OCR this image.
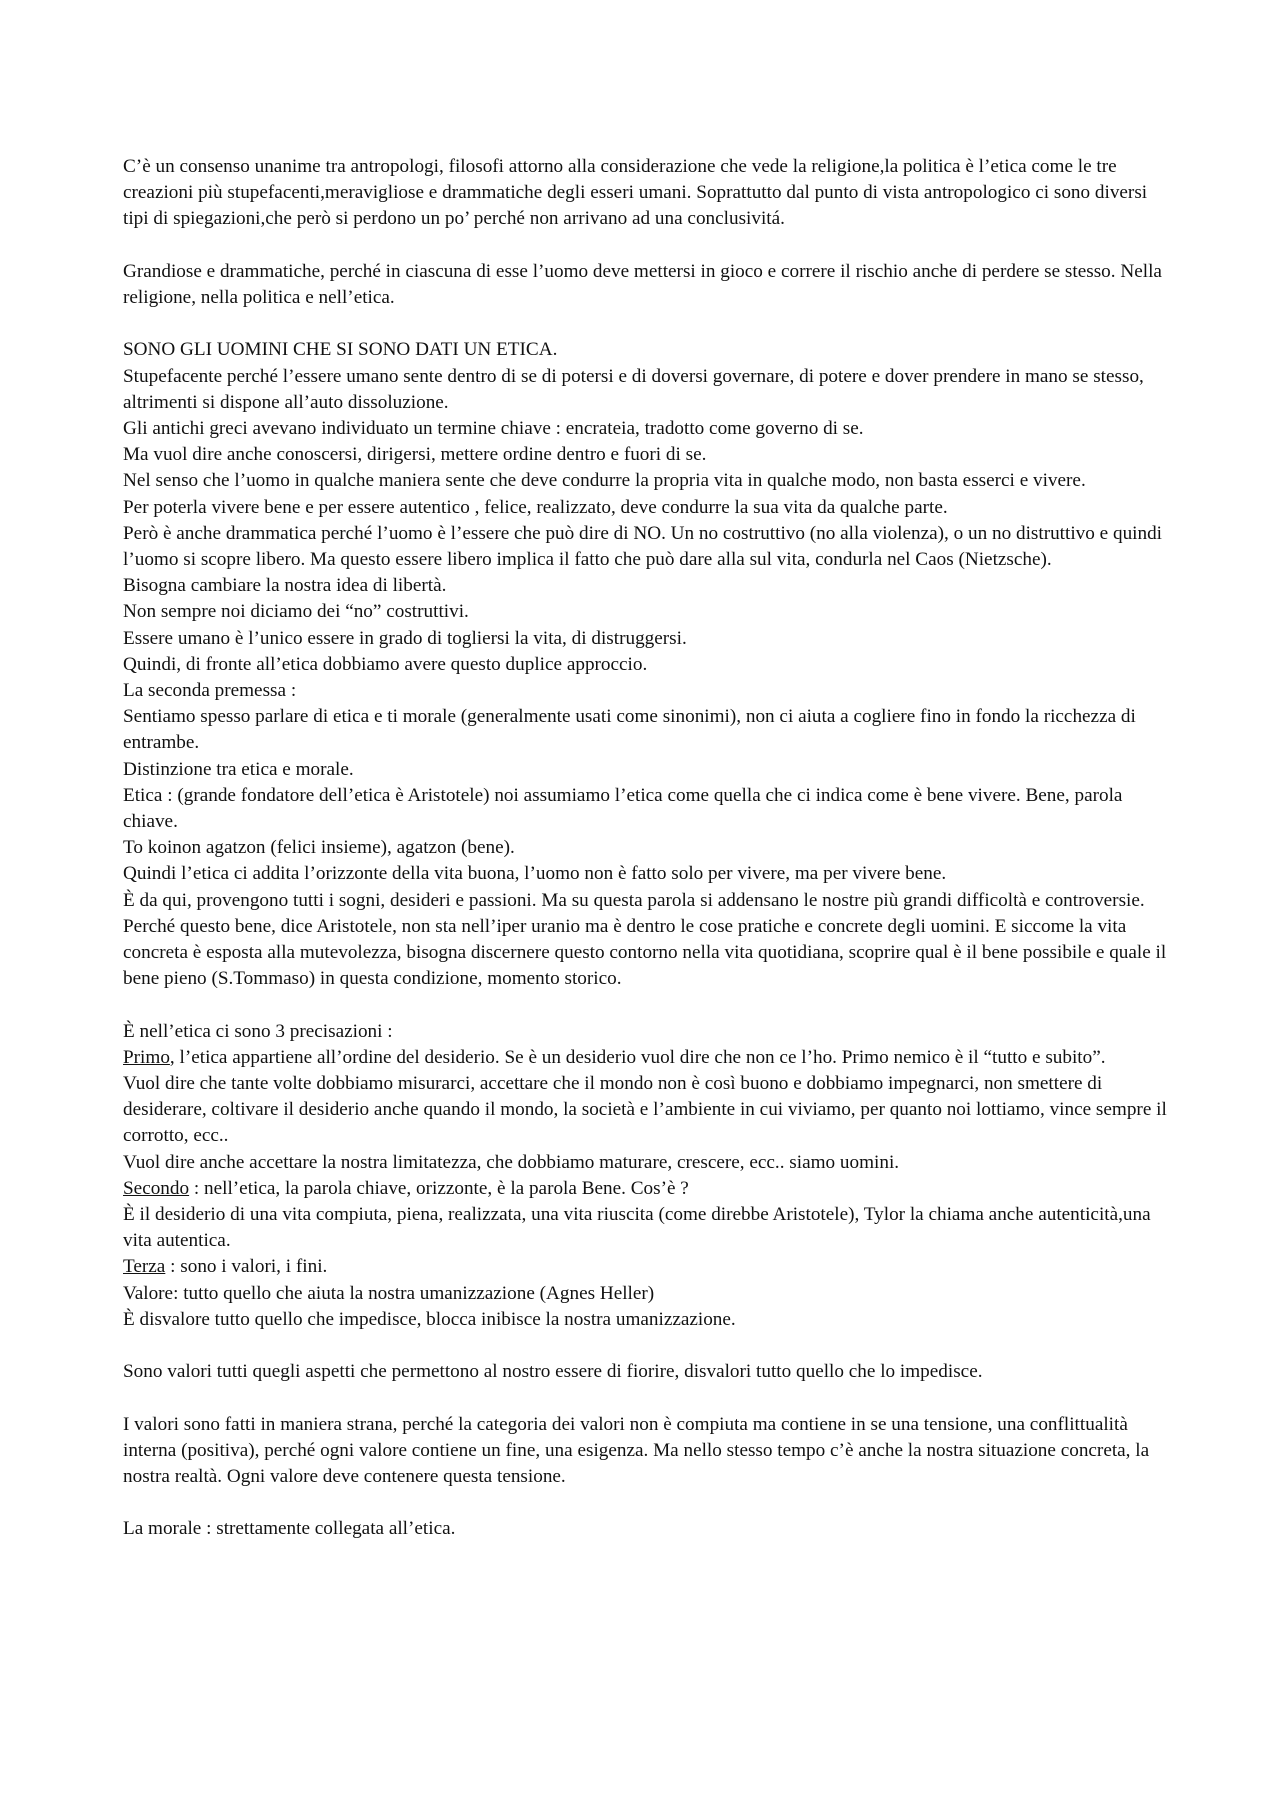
C’è un consenso unanime tra antropologi, filosofi attorno alla considerazione che vede la religione,la politica è l’etica come le tre creazioni più stupefacenti,meravigliose e drammatiche degli esseri umani. Soprattutto dal punto di vista antropologico ci sono diversi tipi di spiegazioni,che però si perdono un po’ perché non arrivano ad una conclusivitá.

Grandiose e drammatiche, perché in ciascuna di esse l’uomo deve mettersi in gioco e correre il rischio anche di perdere se stesso. Nella religione, nella politica e nell’etica.

SONO GLI UOMINI CHE SI SONO DATI UN ETICA.

Stupefacente perché l’essere umano sente dentro di se di potersi e di doversi governare, di potere e dover prendere in mano se stesso, altrimenti si dispone all’auto dissoluzione.

Gli antichi greci avevano individuato un termine chiave : encrateia, tradotto come governo di se.

Ma vuol dire anche conoscersi, dirigersi, mettere ordine dentro e fuori di se.

Nel senso che l’uomo in qualche maniera sente che deve condurre la propria vita in qualche modo, non basta esserci e vivere.

Per poterla vivere bene e per essere autentico , felice, realizzato, deve condurre la sua vita da qualche parte.

Però è anche drammatica perché l’uomo è l’essere che può dire di NO. Un no costruttivo (no alla violenza), o un no distruttivo e quindi l’uomo si scopre libero. Ma questo essere libero implica il fatto che può dare alla sul vita, condurla nel Caos (Nietzsche).

Bisogna cambiare la nostra idea di libertà.

Non sempre noi diciamo dei “no” costruttivi.

Essere umano è l’unico essere in grado di togliersi la vita, di distruggersi.

Quindi, di fronte all’etica dobbiamo avere questo duplice approccio.

La seconda premessa :

Sentiamo spesso parlare di etica e ti morale (generalmente usati come sinonimi), non ci aiuta a cogliere fino in fondo la ricchezza di entrambe.

Distinzione tra etica e morale.

Etica : (grande fondatore dell’etica è Aristotele) noi assumiamo l’etica come quella che ci indica come è bene vivere. Bene, parola chiave.

To koinon agatzon (felici insieme), agatzon (bene).

Quindi l’etica ci addita l’orizzonte della vita buona, l’uomo non è fatto solo per vivere, ma per vivere bene.

È da qui, provengono tutti i sogni, desideri e passioni. Ma su questa parola si addensano le nostre più grandi difficoltà e controversie. Perché questo bene, dice Aristotele, non sta nell’iper uranio ma è dentro le cose pratiche e concrete degli uomini. E siccome la vita concreta è esposta alla mutevolezza, bisogna discernere questo contorno nella vita quotidiana, scoprire qual è il bene possibile e quale il bene pieno (S.Tommaso) in questa condizione, momento storico.

È nell’etica ci sono 3 precisazioni :

Primo, l’etica appartiene all’ordine del desiderio. Se è un desiderio vuol dire che non ce l’ho. Primo nemico è il “tutto e subito”.

Vuol dire che tante volte dobbiamo misurarci, accettare che il mondo non è così buono e dobbiamo impegnarci, non smettere di desiderare, coltivare il desiderio anche quando il mondo, la società e l’ambiente in cui viviamo, per quanto noi lottiamo, vince sempre il corrotto, ecc..

Vuol dire anche accettare la nostra limitatezza, che dobbiamo maturare, crescere, ecc.. siamo uomini.

Secondo : nell’etica, la parola chiave, orizzonte, è la parola Bene. Cos’è ?

È il desiderio di una vita compiuta, piena, realizzata, una vita riuscita (come direbbe Aristotele), Tylor la chiama anche autenticità,una vita autentica.

Terza : sono i valori, i fini.

Valore: tutto quello che aiuta la nostra umanizzazione (Agnes Heller)

È disvalore tutto quello che impedisce, blocca inibisce la nostra umanizzazione.

Sono valori tutti quegli aspetti che permettono al nostro essere di fiorire, disvalori tutto quello che lo impedisce.

I valori sono fatti in maniera strana, perché la categoria dei valori non è compiuta ma contiene in se una tensione, una conflittualità interna (positiva), perché ogni valore contiene un fine, una esigenza. Ma nello stesso tempo c’è anche la nostra situazione concreta, la nostra realtà. Ogni valore deve contenere questa tensione.

La morale : strettamente collegata all’etica.
